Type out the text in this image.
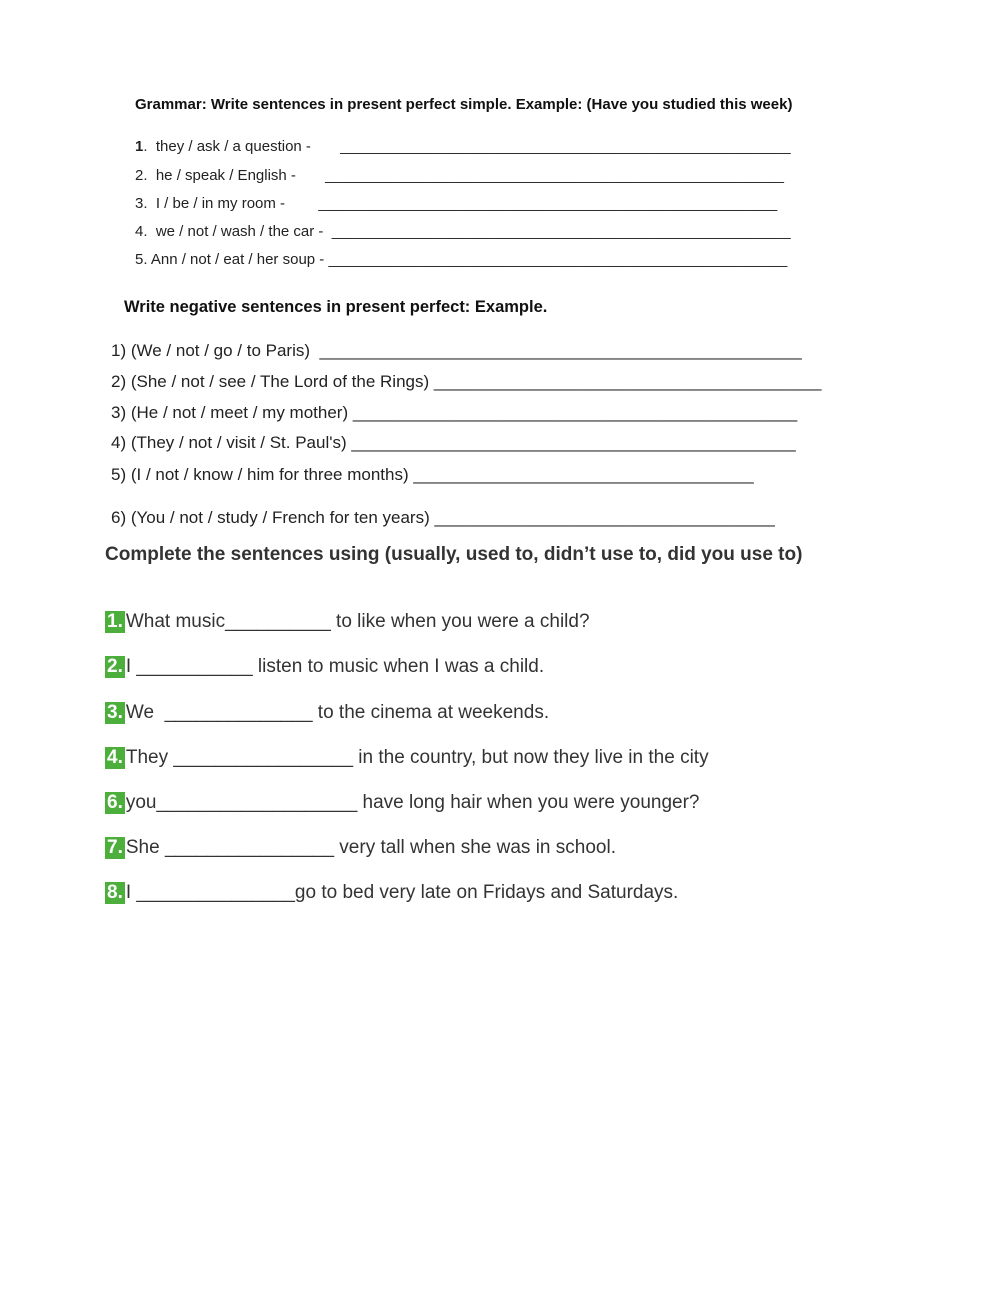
Grammar: Write sentences in present perfect simple. Example: (Have you studied this week)
1.  they / ask / a question -       ______________________________________________________
2.  he / speak / English -       _______________________________________________________
3.  I / be / in my room -        _______________________________________________________
4.  we / not / wash / the car -  _______________________________________________________
5. Ann / not / eat / her soup - _______________________________________________________
Write negative sentences in present perfect: Example.
1) (We / not / go / to Paris)  ___________________________________________________
2) (She / not / see / The Lord of the Rings) _________________________________________
3) (He / not / meet / my mother) _______________________________________________
4) (They / not / visit / St. Paul's) _______________________________________________
5) (I / not / know / him for three months) ____________________________________
6) (You / not / study / French for ten years) ____________________________________
Complete the sentences using (usually, used to, didn’t use to, did you use to)
1. What music__________ to like when you were a child?
2. I ___________ listen to music when I was a child.
3. We  ______________ to the cinema at weekends.
4. They _________________ in the country, but now they live in the city
6. you___________________ have long hair when you were younger?
7. She ________________ very tall when she was in school.
8. I _______________go to bed very late on Fridays and Saturdays.
